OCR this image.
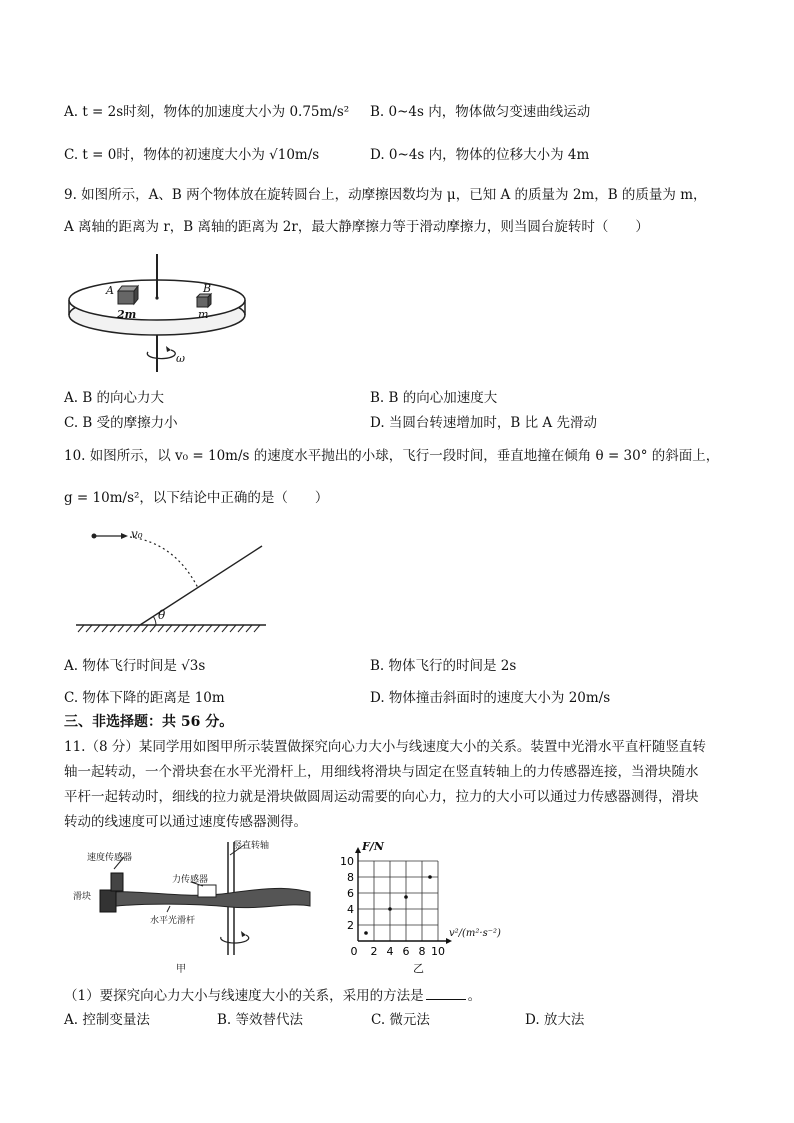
A. t = 2s时刻，物体的加速度大小为 0.75m/s² B. 0~4s 内，物体做匀变速曲线运动
C. t = 0时，物体的初速度大小为 √10m/s	D. 0~4s 内，物体的位移大小为 4m
9. 如图所示，A、B 两个物体放在旋转圆台上，动摩擦因数均为 μ，已知 A 的质量为 2m，B 的质量为 m，
A 离轴的距离为 r，B 离轴的距离为 2r，最大静摩擦力等于滑动摩擦力，则当圆台旋转时（　　）
A	B
2m	m
ω
A. B 的向心力大	B. B 的向心加速度大
C. B 受的摩擦力小	D. 当圆台转速增加时，B 比 A 先滑动
10. 如图所示，以 v₀ = 10m/s 的速度水平抛出的小球，飞行一段时间，垂直地撞在倾角 θ = 30° 的斜面上，
g = 10m/s²，以下结论中正确的是（　　）
v₀
θ
A. 物体飞行时间是 √3s	B. 物体飞行的时间是 2s
C. 物体下降的距离是 10m	D. 物体撞击斜面时的速度大小为 20m/s
三、非选择题：共 56 分。
11.（8 分）某同学用如图甲所示装置做探究向心力大小与线速度大小的关系。装置中光滑水平直杆随竖直转
轴一起转动，一个滑块套在水平光滑杆上，用细线将滑块与固定在竖直转轴上的力传感器连接，当滑块随水
平杆一起转动时，细线的拉力就是滑块做圆周运动需要的向心力，拉力的大小可以通过力传感器测得，滑块
转动的线速度可以通过速度传感器测得。
速度传感器
竖直转轴
力传感器
滑块
水平光滑杆
甲
10
8
6
4
2
0 2 4 6 8 10
F/N
v²/(m²·s⁻²)
乙
（1）要探究向心力大小与线速度大小的关系，采用的方法是	。
A. 控制变量法	B. 等效替代法	C. 微元法	D. 放大法
